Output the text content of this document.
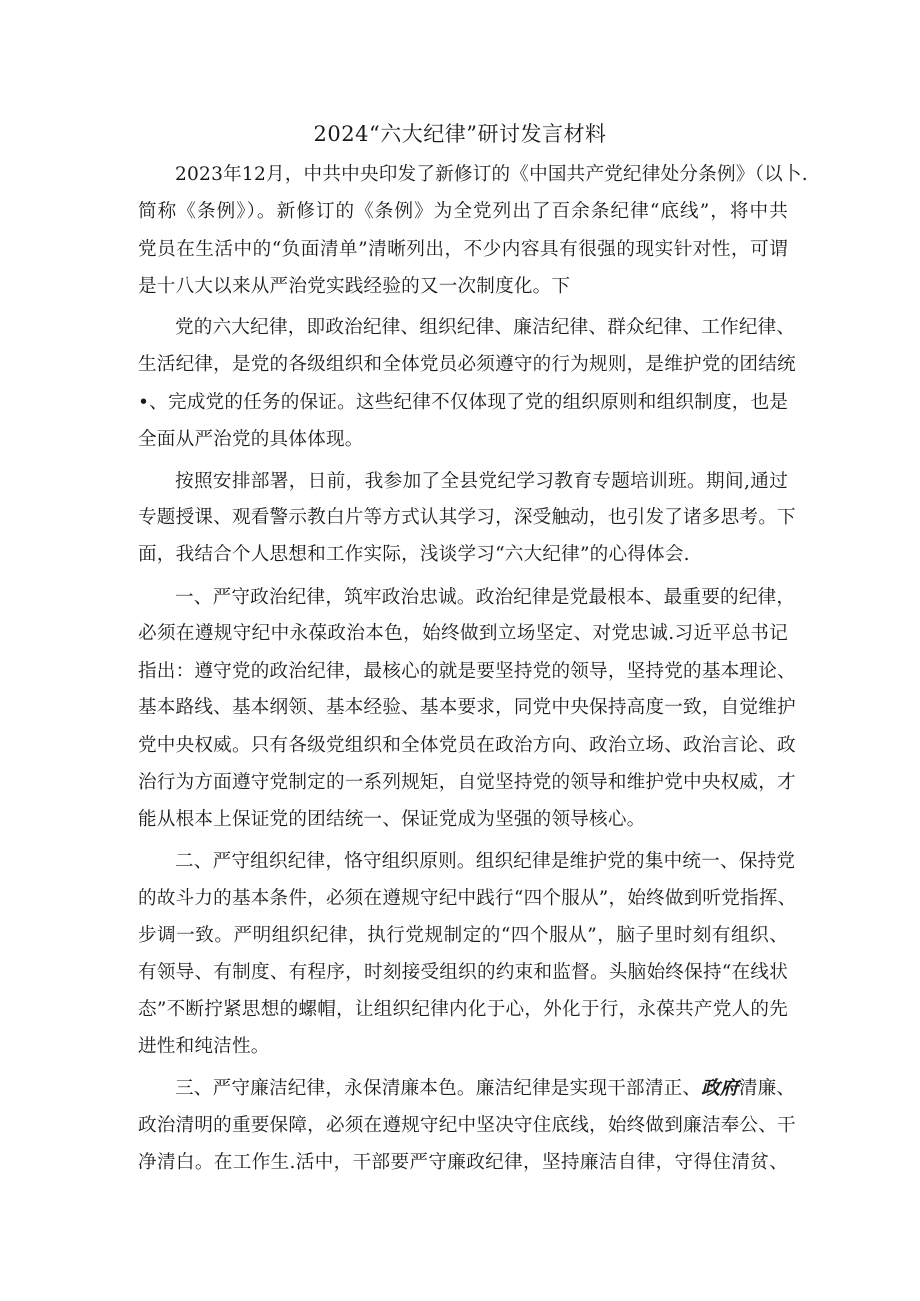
2024“六大纪律”研讨发言材料
2023年12月，中共中央印发了新修订的《中国共产党纪律处分条例》（以卜.
简称《条例》）。新修订的《条例》为全党列出了百余条纪律“底线”，将中共
党员在生活中的“负面清单”清晰列出，不少内容具有很强的现实针对性，可谓
是十八大以来从严治党实践经验的又一次制度化。下
党的六大纪律，即政治纪律、组织纪律、廉洁纪律、群众纪律、工作纪律、
生活纪律，是党的各级组织和全体党员必须遵守的行为规则，是维护党的团结统
•、完成党的任务的保证。这些纪律不仅体现了党的组织原则和组织制度，也是
全面从严治党的具体体现。
按照安排部署，日前，我参加了全县党纪学习教育专题培训班。期间,通过
专题授课、观看警示教白片等方式认其学习，深受触动，也引发了诸多思考。下
面，我结合个人思想和工作实际，浅谈学习“六大纪律”的心得体会.
一、严守政治纪律，筑牢政治忠诚。政治纪律是党最根本、最重要的纪律，
必须在遵规守纪中永葆政治本色，始终做到立场坚定、对党忠诚.习近平总书记
指出：遵守党的政治纪律，最核心的就是要坚持党的领导，坚持党的基本理论、
基本路线、基本纲领、基本经验、基本要求，同党中央保持高度一致，自觉维护
党中央权威。只有各级党组织和全体党员在政治方向、政治立场、政治言论、政
治行为方面遵守党制定的一系列规矩，自觉坚持党的领导和维护党中央权威，才
能从根本上保证党的团结统一、保证党成为坚强的领导核心。
二、严守组织纪律，恪守组织原则。组织纪律是维护党的集中统一、保持党
的故斗力的基本条件，必须在遵规守纪中践行“四个服从”，始终做到听党指挥、
步调一致。严明组织纪律，执行党规制定的“四个服从”，脑子里时刻有组织、
有领导、有制度、有程序，时刻接受组织的约束和监督。头脑始终保持“在线状
态”不断拧紧思想的螺帽，让组织纪律内化于心，外化于行，永葆共产党人的先
进性和纯洁性。
三、严守廉洁纪律，永保清廉本色。廉洁纪律是实现干部清正、政府清廉、
政治清明的重要保障，必须在遵规守纪中坚决守住底线，始终做到廉洁奉公、干
净清白。在工作生.活中，干部要严守廉政纪律，坚持廉洁自律，守得住清贫、
